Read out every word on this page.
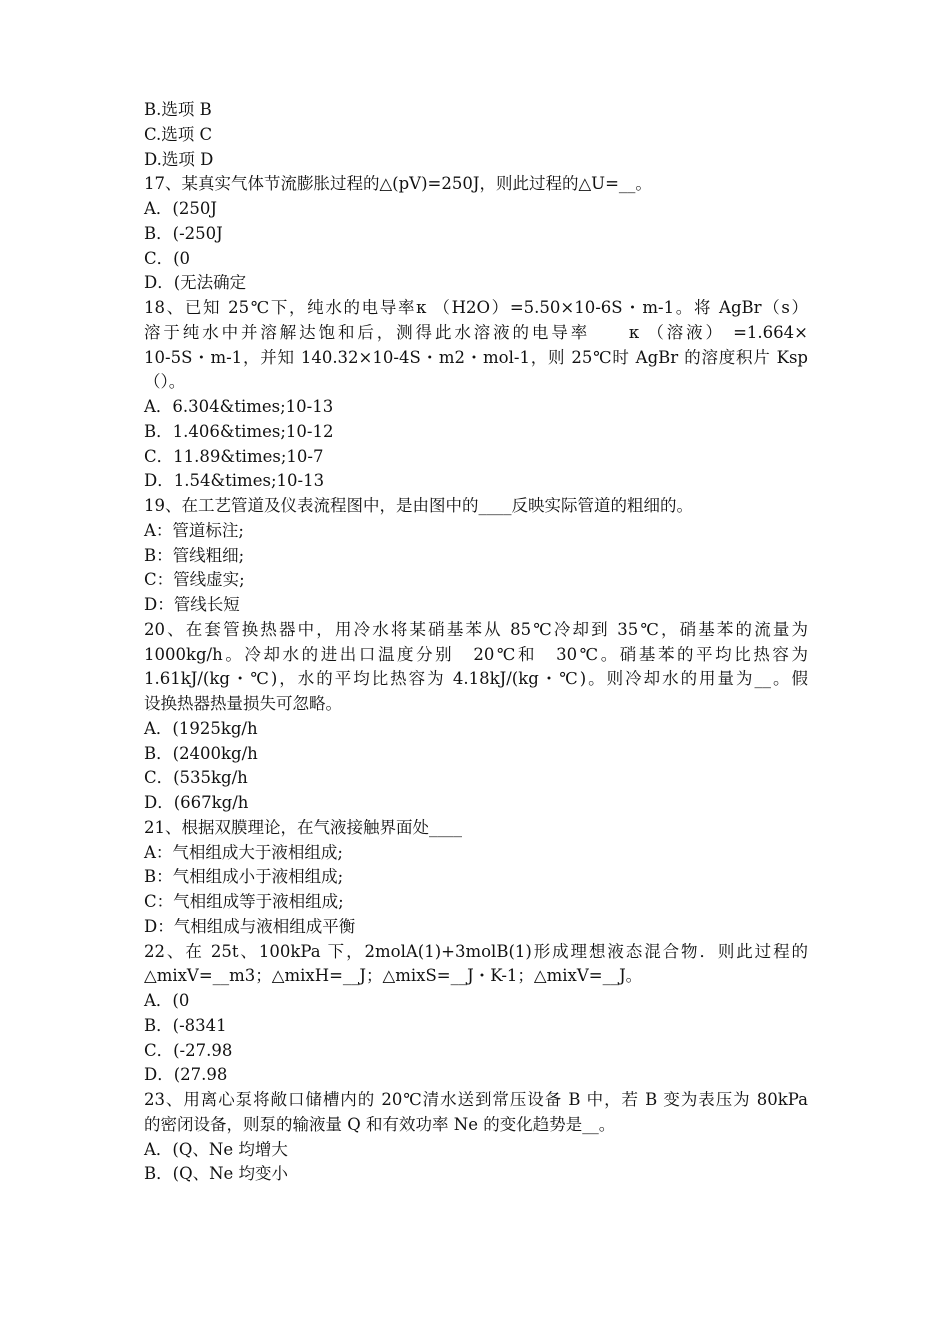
B.选项 B
C.选项 C
D.选项 D
17、某真实气体节流膨胀过程的△(pV)=250J，则此过程的△U=__。
A．(250J
B．(-250J
C．(0
D．(无法确定
18、已知 25℃下，纯水的电导率κ （H2O）=5.50×10-6S・m-1。将 AgBr（s）
溶于纯水中并溶解达饱和后，测得此水溶液的电导率　　κ （溶液） =1.664×
10-5S・m-1，并知 140.32×10-4S・m2・mol-1，则 25℃时 AgBr 的溶度积片 Ksp
（）。
A．6.304&times;10-13
B．1.406&times;10-12
C．11.89&times;10-7
D．1.54&times;10-13
19、在工艺管道及仪表流程图中，是由图中的____反映实际管道的粗细的。
A：管道标注;
B：管线粗细;
C：管线虚实;
D：管线长短
20、在套管换热器中，用冷水将某硝基苯从 85℃冷却到 35℃，硝基苯的流量为
1000kg/h。冷却水的进出口温度分别　20℃和　30℃。硝基苯的平均比热容为
1.61kJ/(kg・℃)，水的平均比热容为 4.18kJ/(kg・℃)。则冷却水的用量为__。假
设换热器热量损失可忽略。
A．(1925kg/h
B．(2400kg/h
C．(535kg/h
D．(667kg/h
21、根据双膜理论，在气液接触界面处____
A：气相组成大于液相组成;
B：气相组成小于液相组成;
C：气相组成等于液相组成;
D：气相组成与液相组成平衡
22、在 25t、100kPa 下，2molA(1)+3molB(1)形成理想液态混合物．则此过程的
△mixV=__m3；△mixH=__J；△mixS=__J・K-1；△mixV=__J。
A．(0
B．(-8341
C．(-27.98
D．(27.98
23、用离心泵将敞口储槽内的 20℃清水送到常压设备 B 中，若 B 变为表压为 80kPa
的密闭设备，则泵的输液量 Q 和有效功率 Ne 的变化趋势是__。
A．(Q、Ne 均增大
B．(Q、Ne 均变小
